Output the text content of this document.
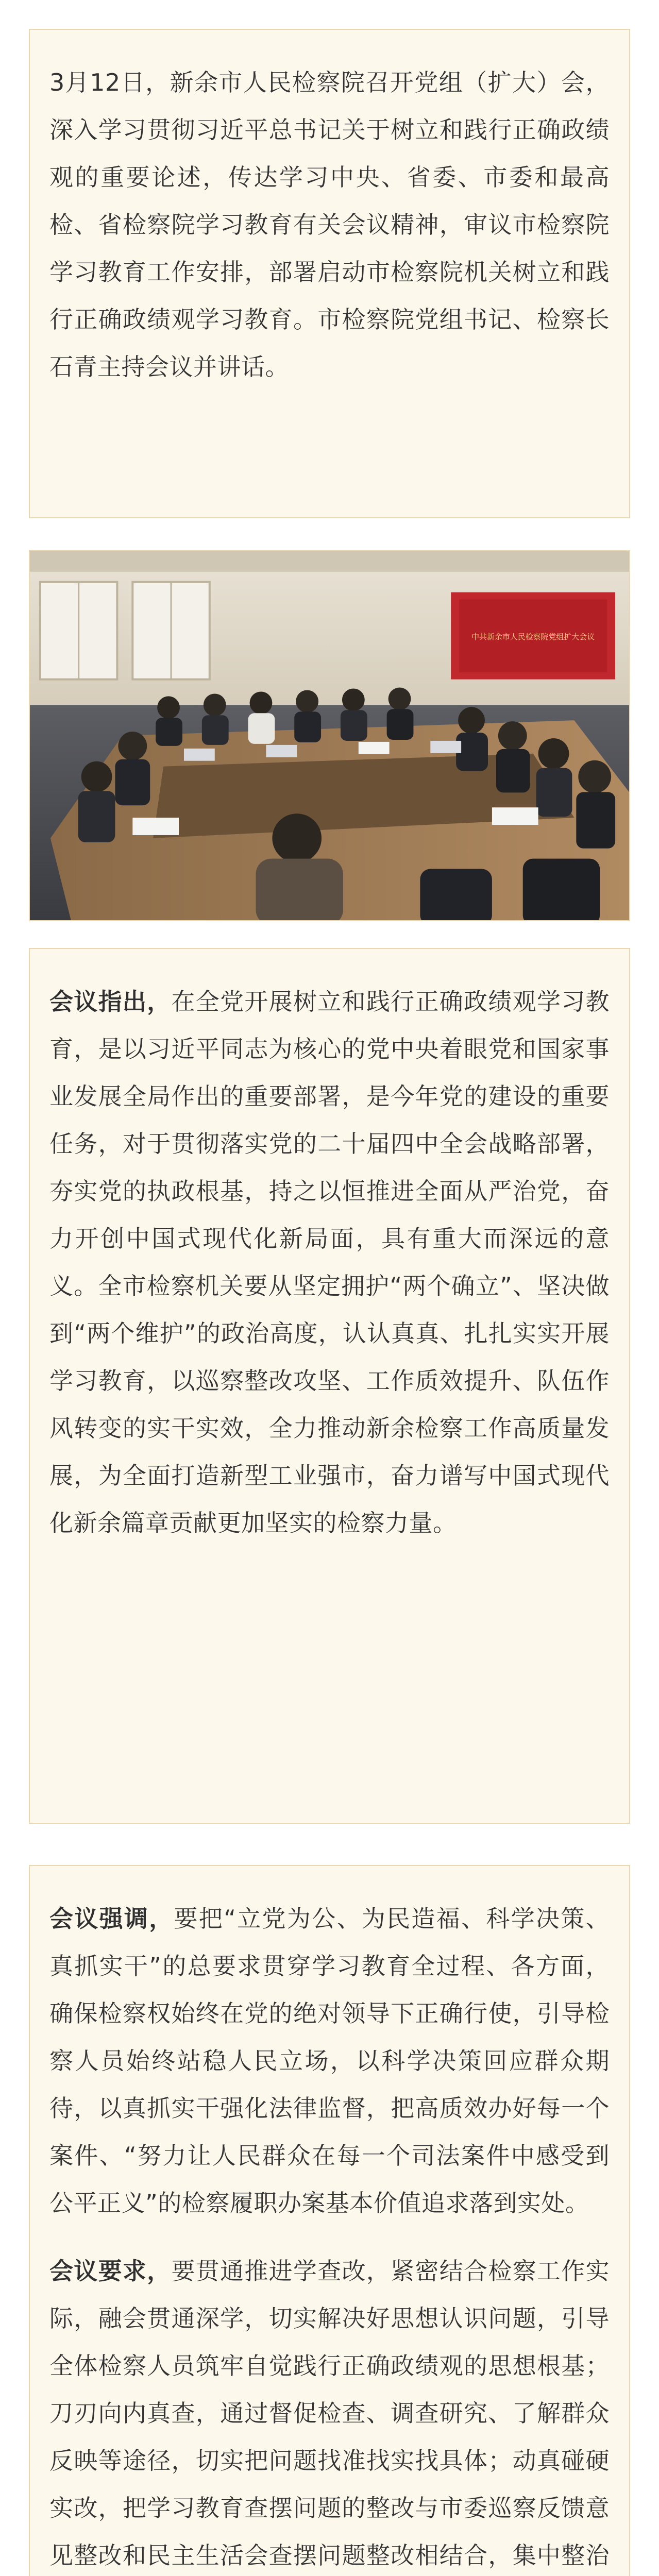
3月12日，新余市人民检察院召开党组（扩大）会，深入学习贯彻习近平总书记关于树立和践行正确政绩观的重要论述，传达学习中央、省委、市委和最高检、省检察院学习教育有关会议精神，审议市检察院学习教育工作安排，部署启动市检察院机关树立和践行正确政绩观学习教育。市检察院党组书记、检察长石青主持会议并讲话。

中共新余市人民检察院党组扩大会议

会议指出，在全党开展树立和践行正确政绩观学习教育，是以习近平同志为核心的党中央着眼党和国家事业发展全局作出的重要部署，是今年党的建设的重要任务，对于贯彻落实党的二十届四中全会战略部署，夯实党的执政根基，持之以恒推进全面从严治党，奋力开创中国式现代化新局面，具有重大而深远的意义。全市检察机关要从坚定拥护“两个确立”、坚决做到“两个维护”的政治高度，认认真真、扎扎实实开展学习教育，以巡察整改攻坚、工作质效提升、队伍作风转变的实干实效，全力推动新余检察工作高质量发展，为全面打造新型工业强市，奋力谱写中国式现代化新余篇章贡献更加坚实的检察力量。

会议强调，要把“立党为公、为民造福、科学决策、真抓实干”的总要求贯穿学习教育全过程、各方面，确保检察权始终在党的绝对领导下正确行使，引导检察人员始终站稳人民立场，以科学决策回应群众期待，以真抓实干强化法律监督，把高质效办好每一个案件、“努力让人民群众在每一个司法案件中感受到公平正义”的检察履职办案基本价值追求落到实处。

会议要求，要贯通推进学查改，紧密结合检察工作实际，融会贯通深学，切实解决好思想认识问题，引导全体检察人员筑牢自觉践行正确政绩观的思想根基；刀刃向内真查，通过督促检查、调查研究、了解群众反映等途径，切实把问题找准找实找具体；动真碰硬实改，把学习教育查摆问题的整改与市委巡察反馈意见整改和民主生活会查摆问题整改相结合，集中整治
